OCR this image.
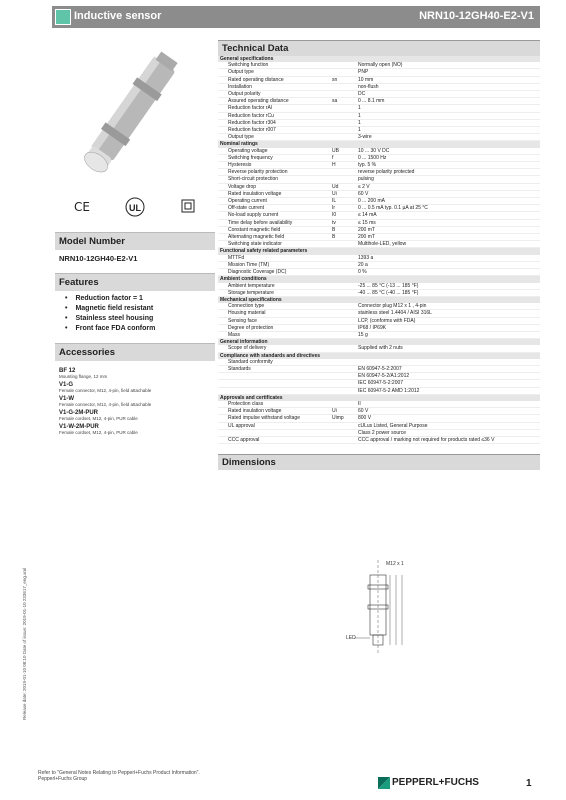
Inductive sensor	NRN10-12GH40-E2-V1
CE	UL
Model Number
NRN10-12GH40-E2-V1
Features
• Reduction factor = 1
• Magnetic field resistant
• Stainless steel housing
• Front face FDA conform
Accessories
BF 12
Mounting flange, 12 mm
V1-G
Female connector, M12, 4-pin, field attachable
V1-W
Female connector, M12, 4-pin, field attachable
V1-G-2M-PUR
Female cordset, M12, 4-pin, PUR cable
V1-W-2M-PUR
Female cordset, M12, 4-pin, PUR cable
Technical Data
General specifications		
Switching function		Normally open (NO)
Output type		PNP
Rated operating distance	sn	10 mm
Installation		non-flush
Output polarity		DC
Assured operating distance	sa	0 ... 8.1 mm
Reduction factor rAl		1
Reduction factor rCu		1
Reduction factor r304		1
Reduction factor r007		1
Output type		3-wire
Nominal ratings		
Operating voltage	UB	10 ... 30 V DC
Switching frequency	f	0 ... 1500 Hz
Hysteresis	H	typ. 5 %
Reverse polarity protection		reverse polarity protected
Short-circuit protection		pulsing
Voltage drop	Ud	≤ 2 V
Rated insulation voltage	Ui	60 V
Operating current	IL	0 ... 200 mA
Off-state current	Ir	0 ... 0.5 mA typ. 0.1 µA at 25 °C
No-load supply current	I0	≤ 14 mA
Time delay before availability	tv	≤ 15 ms
Constant magnetic field	B	200 mT
Alternating magnetic field	B	200 mT
Switching state indicator		Multihole-LED, yellow
Functional safety related parameters		
MTTFd		1393 a
Mission Time (TM)		20 a
Diagnostic Coverage (DC)		0 %
Ambient conditions		
Ambient temperature		-25 ... 85 °C (-13 ... 185 °F)
Storage temperature		-40 ... 85 °C (-40 ... 185 °F)
Mechanical specifications		
Connection type		Connector plug M12 x 1 , 4-pin
Housing material		stainless steel 1.4404 / AISI 316L
Sensing face		LCP, (conforms with FDA)
Degree of protection		IP68 / IP69K
Mass		15 g
General information		
Scope of delivery		Supplied with 2 nuts
Compliance with standards and directives		
Standard conformity		
Standards		EN 60947-5-2:2007
		EN 60947-5-2/A1:2012
		IEC 60947-5-2:2007
		IEC 60947-5-2 AMD 1:2012
Approvals and certificates		
Protection class		II
Rated insulation voltage	Ui	60 V
Rated impulse withstand voltage	Uimp	800 V
UL approval		cULus Listed, General Purpose
		Class 2 power source
CCC approval		CCC approval / marking not required for products rated ≤36 V
Dimensions
M12 x 1
LED
Release date: 2019-01-10 08:10 Date of issue: 2019-01-10 233617_eng.xml
Refer to "General Notes Relating to Pepperl+Fuchs Product Information".
Pepperl+Fuchs Group	PEPPERL+FUCHS	1
